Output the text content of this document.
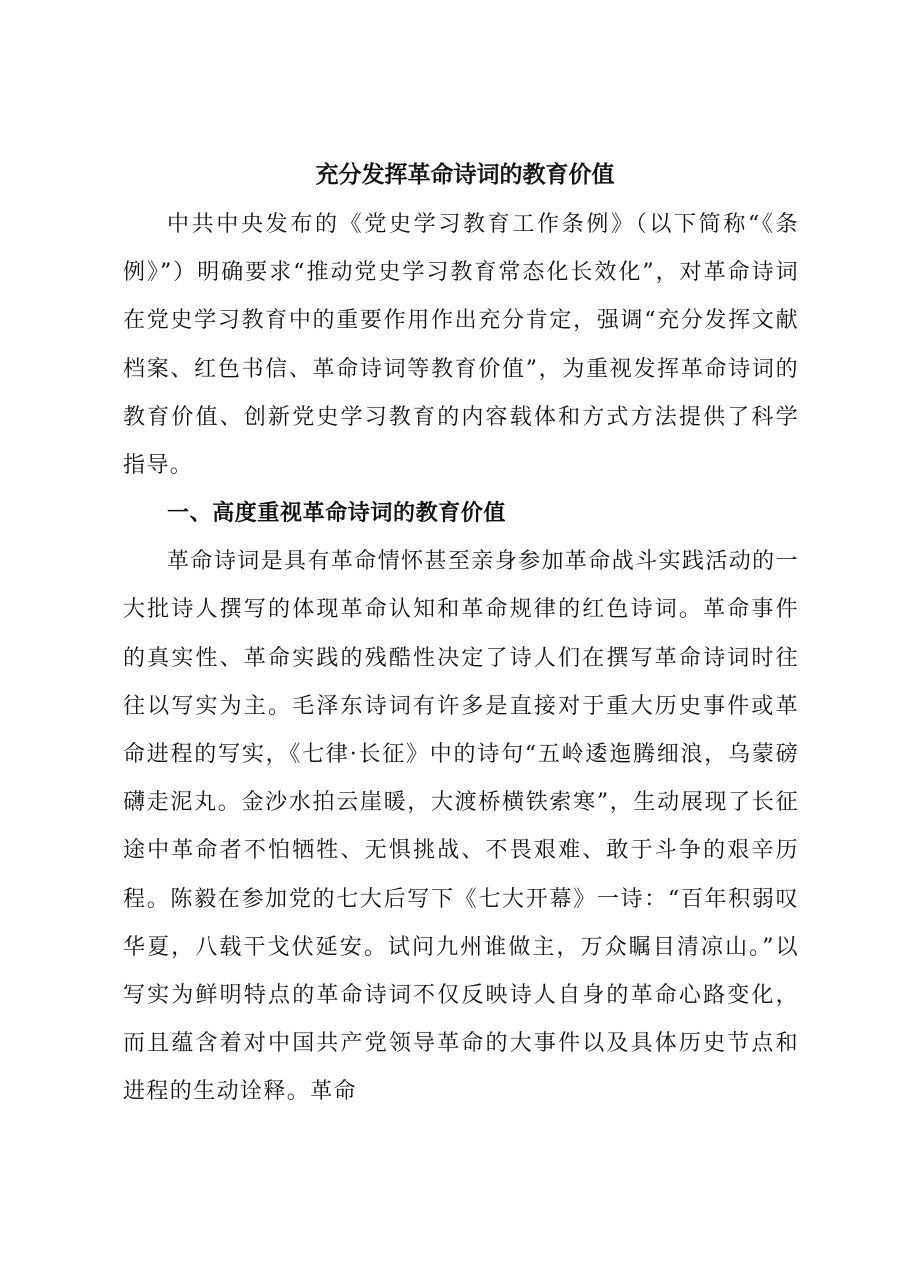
充分发挥革命诗词的教育价值

中共中央发布的《党史学习教育工作条例》（以下简称“《条例》”）明确要求“推动党史学习教育常态化长效化”，对革命诗词在党史学习教育中的重要作用作出充分肯定，强调“充分发挥文献档案、红色书信、革命诗词等教育价值”，为重视发挥革命诗词的教育价值、创新党史学习教育的内容载体和方式方法提供了科学指导。

一、高度重视革命诗词的教育价值

革命诗词是具有革命情怀甚至亲身参加革命战斗实践活动的一大批诗人撰写的体现革命认知和革命规律的红色诗词。革命事件的真实性、革命实践的残酷性决定了诗人们在撰写革命诗词时往往以写实为主。毛泽东诗词有许多是直接对于重大历史事件或革命进程的写实，《七律·长征》中的诗句“五岭逶迤腾细浪，乌蒙磅礴走泥丸。金沙水拍云崖暖，大渡桥横铁索寒”，生动展现了长征途中革命者不怕牺牲、无惧挑战、不畏艰难、敢于斗争的艰辛历程。陈毅在参加党的七大后写下《七大开幕》一诗：“百年积弱叹华夏，八载干戈伏延安。试问九州谁做主，万众瞩目清凉山。”以写实为鲜明特点的革命诗词不仅反映诗人自身的革命心路变化，而且蕴含着对中国共产党领导革命的大事件以及具体历史节点和进程的生动诠释。革命
